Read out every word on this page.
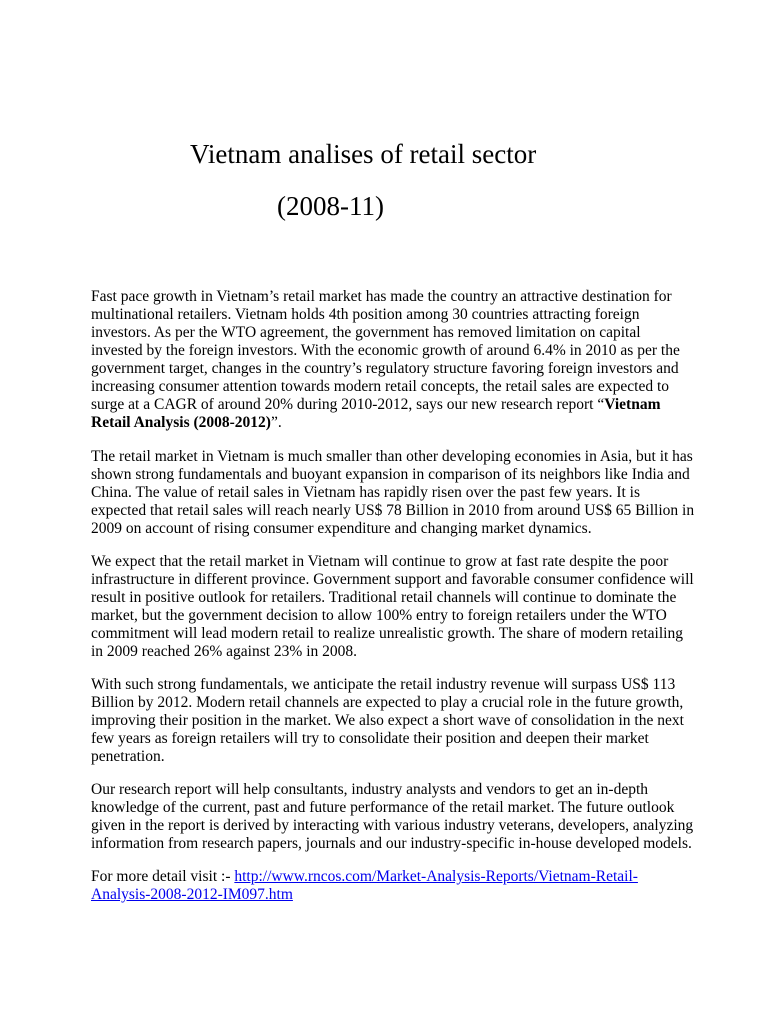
Vietnam analises of retail sector
(2008-11)

Fast pace growth in Vietnam’s retail market has made the country an attractive destination for

multinational retailers. Vietnam holds 4th position among 30 countries attracting foreign

investors. As per the WTO agreement, the government has removed limitation on capital

invested by the foreign investors. With the economic growth of around 6.4% in 2010 as per the

government target, changes in the country’s regulatory structure favoring foreign investors and

increasing consumer attention towards modern retail concepts, the retail sales are expected to

surge at a CAGR of around 20% during 2010-2012, says our new research report “Vietnam

Retail Analysis (2008-2012)”.

The retail market in Vietnam is much smaller than other developing economies in Asia, but it has

shown strong fundamentals and buoyant expansion in comparison of its neighbors like India and

China. The value of retail sales in Vietnam has rapidly risen over the past few years. It is

expected that retail sales will reach nearly US$ 78 Billion in 2010 from around US$ 65 Billion in

2009 on account of rising consumer expenditure and changing market dynamics.

We expect that the retail market in Vietnam will continue to grow at fast rate despite the poor

infrastructure in different province. Government support and favorable consumer confidence will

result in positive outlook for retailers. Traditional retail channels will continue to dominate the

market, but the government decision to allow 100% entry to foreign retailers under the WTO

commitment will lead modern retail to realize unrealistic growth. The share of modern retailing

in 2009 reached 26% against 23% in 2008.

With such strong fundamentals, we anticipate the retail industry revenue will surpass US$ 113

Billion by 2012. Modern retail channels are expected to play a crucial role in the future growth,

improving their position in the market. We also expect a short wave of consolidation in the next

few years as foreign retailers will try to consolidate their position and deepen their market

penetration.

Our research report will help consultants, industry analysts and vendors to get an in-depth

knowledge of the current, past and future performance of the retail market. The future outlook

given in the report is derived by interacting with various industry veterans, developers, analyzing

information from research papers, journals and our industry-specific in-house developed models.

For more detail visit :- http://www.rncos.com/Market-Analysis-Reports/Vietnam-Retail-

Analysis-2008-2012-IM097.htm
